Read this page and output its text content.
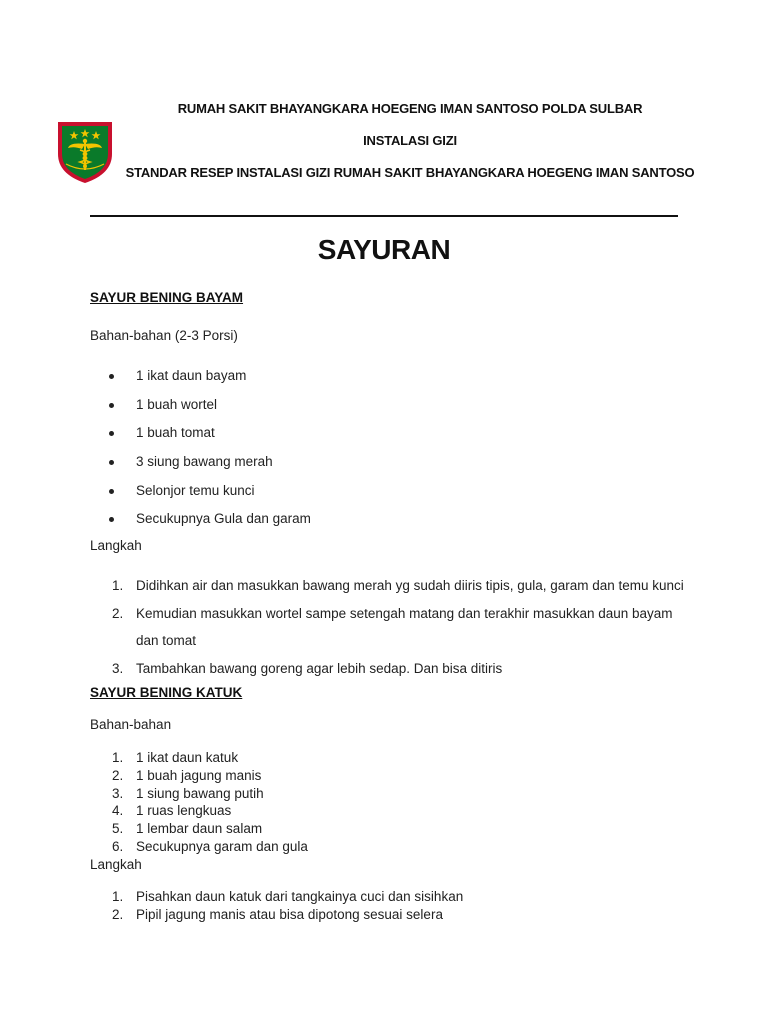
RUMAH SAKIT BHAYANGKARA HOEGENG IMAN SANTOSO POLDA SULBAR
INSTALASI GIZI
STANDAR RESEP INSTALASI GIZI RUMAH SAKIT BHAYANGKARA HOEGENG IMAN SANTOSO
SAYURAN
SAYUR BENING BAYAM
Bahan-bahan (2-3 Porsi)
1 ikat daun bayam
1 buah wortel
1 buah tomat
3 siung bawang merah
Selonjor temu kunci
Secukupnya Gula dan garam
Langkah
1. Didihkan air dan masukkan bawang merah yg sudah diiris tipis, gula, garam dan temu kunci
2. Kemudian masukkan wortel sampe setengah matang dan terakhir masukkan daun bayam dan tomat
3. Tambahkan bawang goreng agar lebih sedap. Dan bisa ditiris
SAYUR BENING KATUK
Bahan-bahan
1. 1 ikat daun katuk
2. 1 buah jagung manis
3. 1 siung bawang putih
4. 1 ruas lengkuas
5. 1 lembar daun salam
6. Secukupnya garam dan gula
Langkah
1. Pisahkan daun katuk dari tangkainya cuci dan sisihkan
2. Pipil jagung manis atau bisa dipotong sesuai selera
